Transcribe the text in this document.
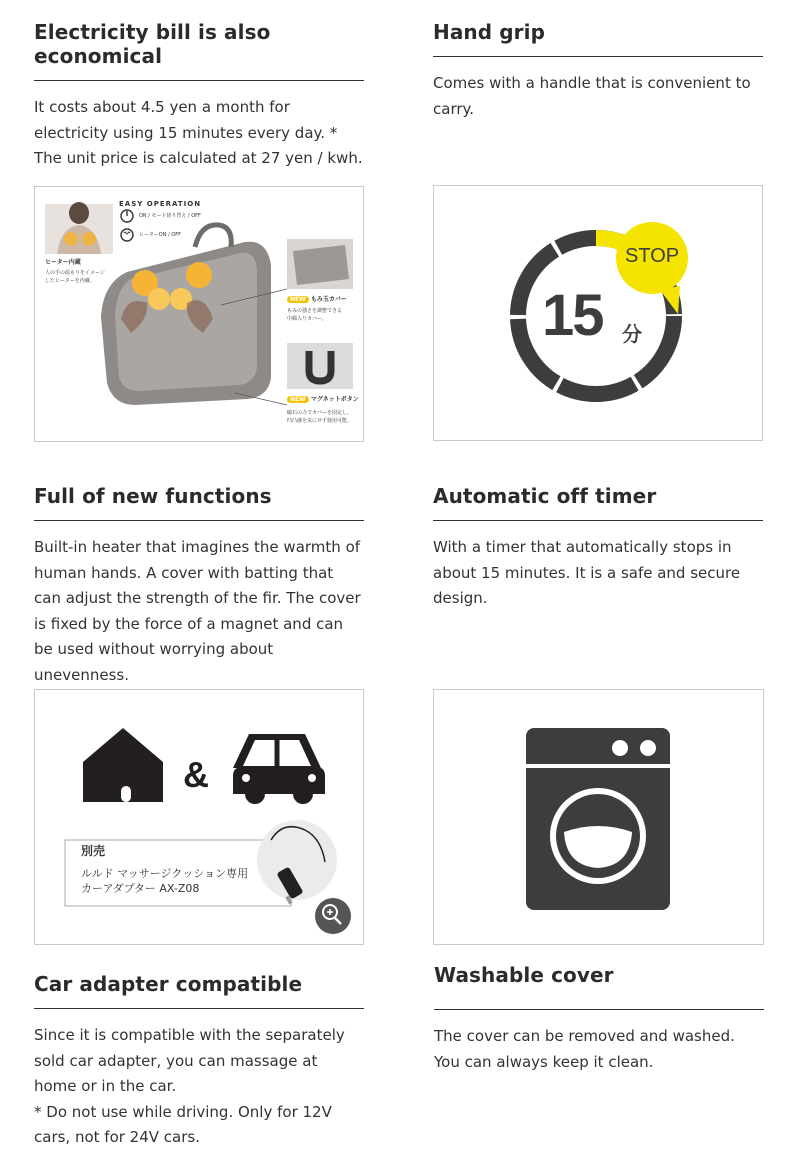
Electricity bill is also economical

It costs about 4.5 yen a month for electricity using 15 minutes every day. * The unit price is calculated at 27 yen / kwh.

Hand grip

Comes with a handle that is convenient to carry.

EASY OPERATION
ON / モード切り替え / OFF
ヒーターON / OFF
ヒーター内蔵
人の手の温もりをイメージ
したヒーターを内蔵。
NEW もみ玉カバー
もみの強さを調整できる
中綿入りカバー。
NEW マグネットボタン
磁石の力でカバーを固定し、
凹凸感を気にせず使用可能。
STOP
15 分
Full of new functions

Built-in heater that imagines the warmth of human hands. A cover with batting that can adjust the strength of the fir. The cover is fixed by the force of a magnet and can be used without worrying about unevenness.

Automatic off timer

With a timer that automatically stops in about 15 minutes. It is a safe and secure design.

&
別売
ルルド マッサージクッション専用
カーアダプター AX-Z08
Car adapter compatible

Since it is compatible with the separately sold car adapter, you can massage at home or in the car.
* Do not use while driving. Only for 12V cars, not for 24V cars.

Washable cover

The cover can be removed and washed. You can always keep it clean.
